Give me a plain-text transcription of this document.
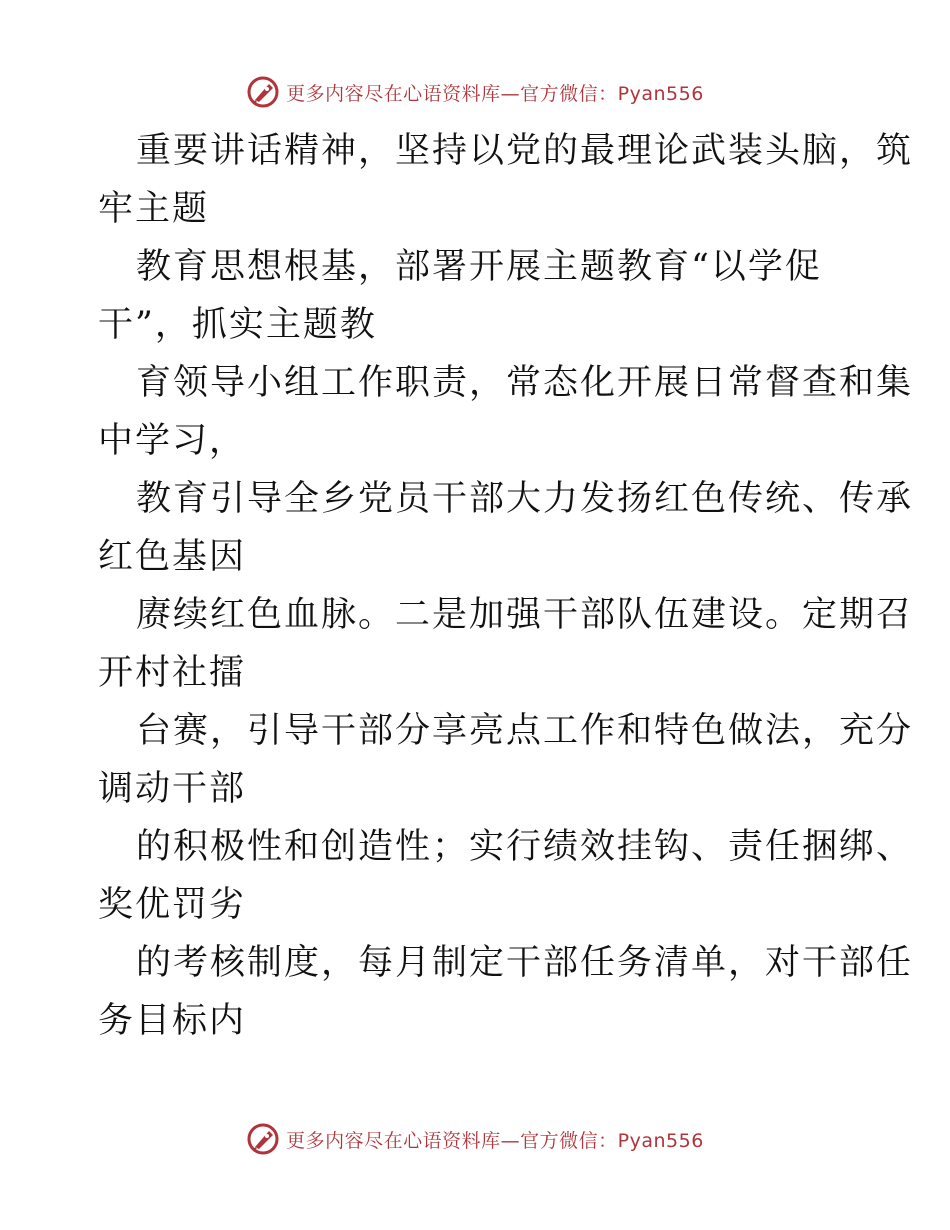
更多内容尽在心语资料库—官方微信：Pyan556
重要讲话精神，坚持以党的最理论武装头脑，筑
牢主题
教育思想根基，部署开展主题教育“以学促
干”，抓实主题教
育领导小组工作职责，常态化开展日常督查和集
中学习，
教育引导全乡党员干部大力发扬红色传统、传承
红色基因
赓续红色血脉。二是加强干部队伍建设。定期召
开村社擂
台赛，引导干部分享亮点工作和特色做法，充分
调动干部
的积极性和创造性；实行绩效挂钩、责任捆绑、
奖优罚劣
的考核制度，每月制定干部任务清单，对干部任
务目标内
更多内容尽在心语资料库—官方微信：Pyan556
